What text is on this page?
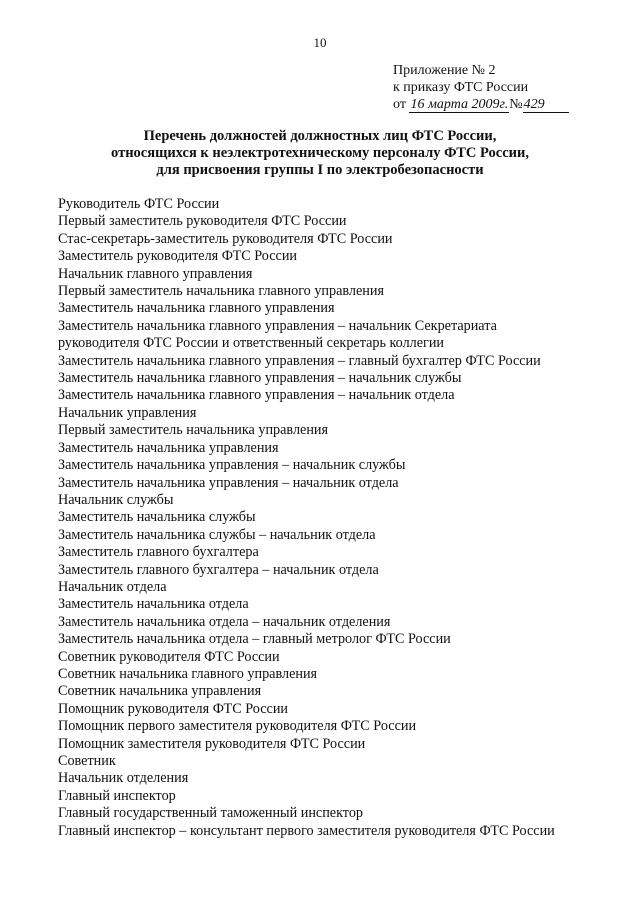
10
Приложение № 2
к приказу ФТС России
от 16 марта 2009г.№429
Перечень должностей должностных лиц ФТС России,
относящихся к неэлектротехническому персоналу ФТС России,
для присвоения группы I по электробезопасности
Руководитель ФТС России
Первый заместитель руководителя ФТС России
Стас-секретарь-заместитель руководителя ФТС России
Заместитель руководителя ФТС России
Начальник главного управления
Первый заместитель начальника главного управления
Заместитель начальника главного управления
Заместитель начальника главного управления – начальник Секретариата руководителя ФТС России и ответственный секретарь коллегии
Заместитель начальника главного управления – главный бухгалтер ФТС России
Заместитель начальника главного управления – начальник службы
Заместитель начальника главного управления – начальник отдела
Начальник управления
Первый заместитель начальника управления
Заместитель начальника управления
Заместитель начальника управления – начальник службы
Заместитель начальника управления – начальник отдела
Начальник службы
Заместитель начальника службы
Заместитель начальника службы – начальник отдела
Заместитель главного бухгалтера
Заместитель главного бухгалтера – начальник отдела
Начальник отдела
Заместитель начальника отдела
Заместитель начальника отдела – начальник отделения
Заместитель начальника отдела – главный метролог ФТС России
Советник руководителя ФТС России
Советник начальника главного управления
Советник начальника управления
Помощник руководителя ФТС России
Помощник первого заместителя руководителя ФТС России
Помощник заместителя руководителя ФТС России
Советник
Начальник отделения
Главный инспектор
Главный государственный таможенный инспектор
Главный инспектор – консультант первого заместителя руководителя ФТС России
